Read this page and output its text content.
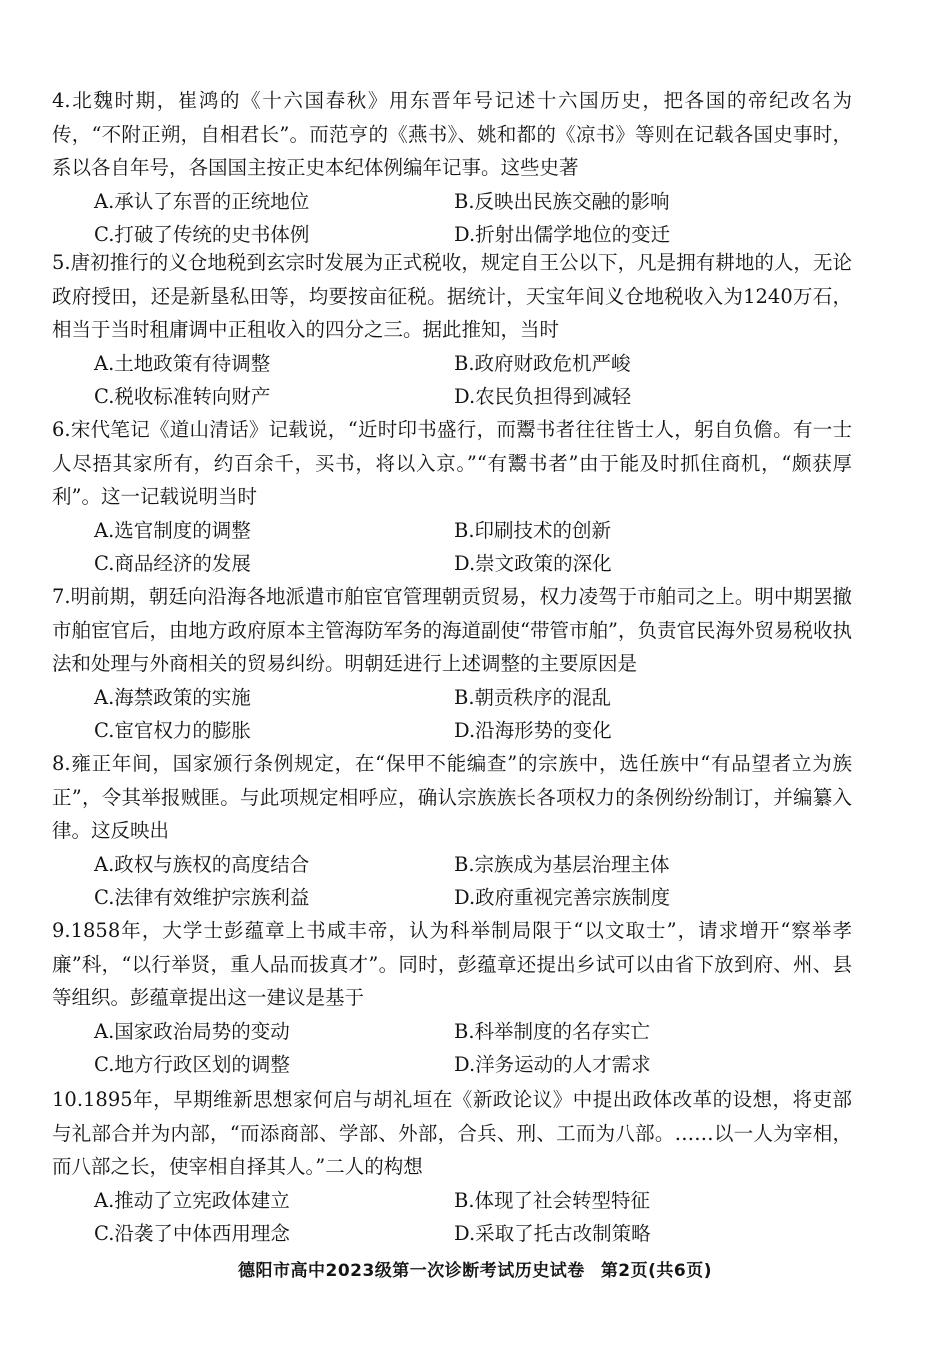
4.北魏时期，崔鸿的《十六国春秋》用东晋年号记述十六国历史，把各国的帝纪改名为传，“不附正朔，自相君长”。而范亨的《燕书》、姚和都的《凉书》等则在记载各国史事时，系以各自年号，各国国主按正史本纪体例编年记事。这些史著
A.承认了东晋的正统地位	B.反映出民族交融的影响
C.打破了传统的史书体例	D.折射出儒学地位的变迁
5.唐初推行的义仓地税到玄宗时发展为正式税收，规定自王公以下，凡是拥有耕地的人，无论政府授田，还是新垦私田等，均要按亩征税。据统计，天宝年间义仓地税收入为1240万石，相当于当时租庸调中正租收入的四分之三。据此推知，当时
A.土地政策有待调整	B.政府财政危机严峻
C.税收标准转向财产	D.农民负担得到减轻
6.宋代笔记《道山清话》记载说，“近时印书盛行，而鬻书者往往皆士人，躬自负儋。有一士人尽捂其家所有，约百余千，买书，将以入京。”“有鬻书者”由于能及时抓住商机，“颇获厚利”。这一记载说明当时
A.选官制度的调整	B.印刷技术的创新
C.商品经济的发展	D.崇文政策的深化
7.明前期，朝廷向沿海各地派遣市舶宦官管理朝贡贸易，权力凌驾于市舶司之上。明中期罢撤市舶宦官后，由地方政府原本主管海防军务的海道副使“带管市舶”，负责官民海外贸易税收执法和处理与外商相关的贸易纠纷。明朝廷进行上述调整的主要原因是
A.海禁政策的实施	B.朝贡秩序的混乱
C.宦官权力的膨胀	D.沿海形势的变化
8.雍正年间，国家颁行条例规定，在“保甲不能编查”的宗族中，选任族中“有品望者立为族正”，令其举报贼匪。与此项规定相呼应，确认宗族族长各项权力的条例纷纷制订，并编纂入律。这反映出
A.政权与族权的高度结合	B.宗族成为基层治理主体
C.法律有效维护宗族利益	D.政府重视完善宗族制度
9.1858年，大学士彭蕴章上书咸丰帝，认为科举制局限于“以文取士”，请求增开“察举孝廉”科，“以行举贤，重人品而拔真才”。同时，彭蕴章还提出乡试可以由省下放到府、州、县等组织。彭蕴章提出这一建议是基于
A.国家政治局势的变动	B.科举制度的名存实亡
C.地方行政区划的调整	D.洋务运动的人才需求
10.1895年，早期维新思想家何启与胡礼垣在《新政论议》中提出政体改革的设想，将吏部与礼部合并为内部，“而添商部、学部、外部，合兵、刑、工而为八部。……以一人为宰相，而八部之长，使宰相自择其人。”二人的构想
A.推动了立宪政体建立	B.体现了社会转型特征
C.沿袭了中体西用理念	D.采取了托古改制策略
德阳市高中2023级第一次诊断考试历史试卷 第2页(共6页)
